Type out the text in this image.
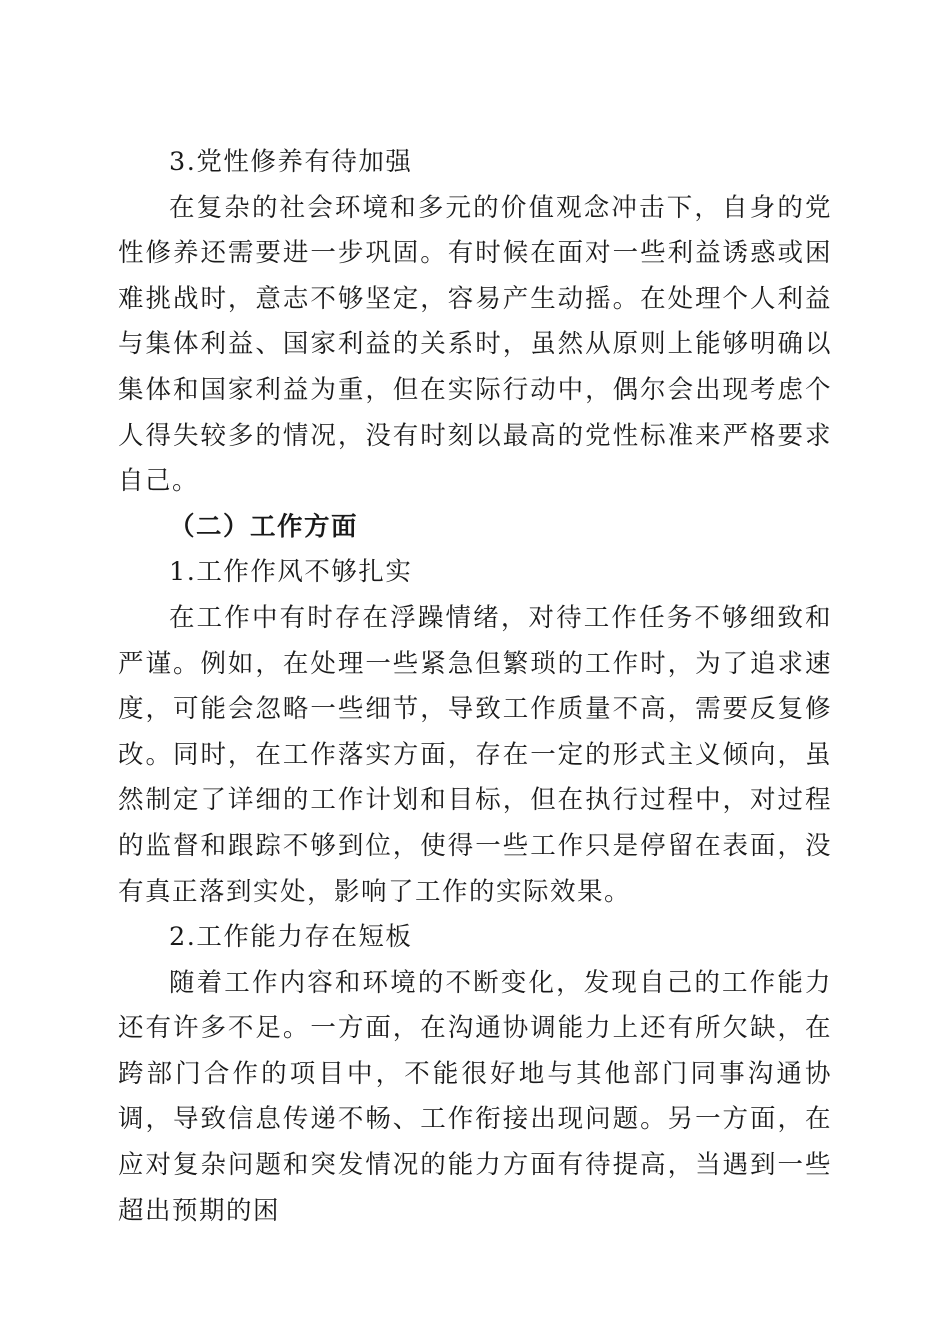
3.党性修养有待加强

在复杂的社会环境和多元的价值观念冲击下，自身的党性修养还需要进一步巩固。有时候在面对一些利益诱惑或困难挑战时，意志不够坚定，容易产生动摇。在处理个人利益与集体利益、国家利益的关系时，虽然从原则上能够明确以集体和国家利益为重，但在实际行动中，偶尔会出现考虑个人得失较多的情况，没有时刻以最高的党性标准来严格要求自己。

（二）工作方面

1.工作作风不够扎实

在工作中有时存在浮躁情绪，对待工作任务不够细致和严谨。例如，在处理一些紧急但繁琐的工作时，为了追求速度，可能会忽略一些细节，导致工作质量不高，需要反复修改。同时，在工作落实方面，存在一定的形式主义倾向，虽然制定了详细的工作计划和目标，但在执行过程中，对过程的监督和跟踪不够到位，使得一些工作只是停留在表面，没有真正落到实处，影响了工作的实际效果。

2.工作能力存在短板

随着工作内容和环境的不断变化，发现自己的工作能力还有许多不足。一方面，在沟通协调能力上还有所欠缺，在跨部门合作的项目中，不能很好地与其他部门同事沟通协调，导致信息传递不畅、工作衔接出现问题。另一方面，在应对复杂问题和突发情况的能力方面有待提高，当遇到一些超出预期的困
